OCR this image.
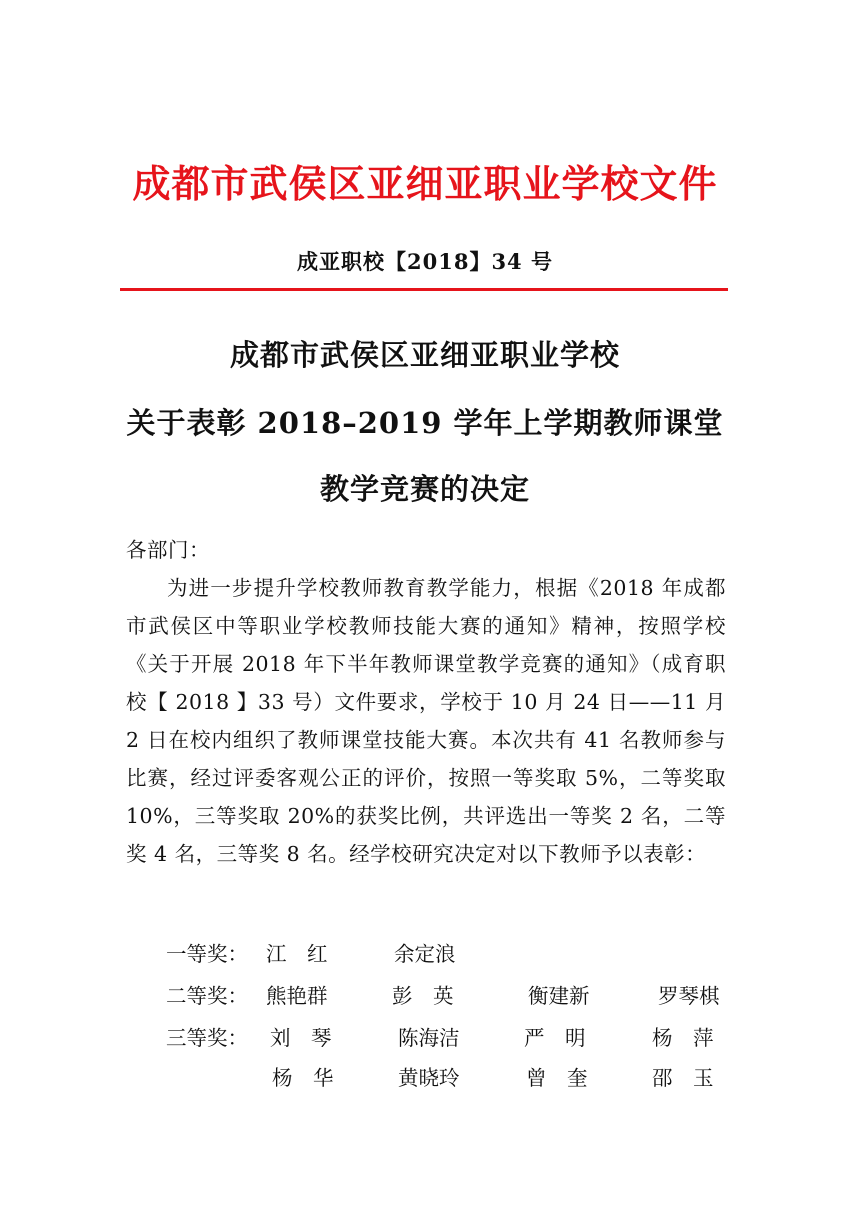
成都市武侯区亚细亚职业学校文件
成亚职校【2018】34 号
成都市武侯区亚细亚职业学校
关于表彰 2018–2019 学年上学期教师课堂
教学竞赛的决定
各部门：
为进一步提升学校教师教育教学能力，根据《2018 年成都市武侯区中等职业学校教师技能大赛的通知》精神，按照学校《关于开展 2018 年下半年教师课堂教学竞赛的通知》（成育职校【 2018 】33 号）文件要求，学校于 10 月 24 日——11 月 2 日在校内组织了教师课堂技能大赛。本次共有 41 名教师参与比赛，经过评委客观公正的评价，按照一等奖取 5%，二等奖取 10%，三等奖取 20%的获奖比例，共评选出一等奖 2 名，二等奖 4 名，三等奖 8 名。经学校研究决定对以下教师予以表彰：
一等奖： 江　红	余定浪
二等奖： 熊艳群	彭　英	衡建新	罗琴棋
三等奖： 刘　琴	陈海洁	严　明	杨　萍
杨　华	黄晓玲	曾　奎	邵　玉
